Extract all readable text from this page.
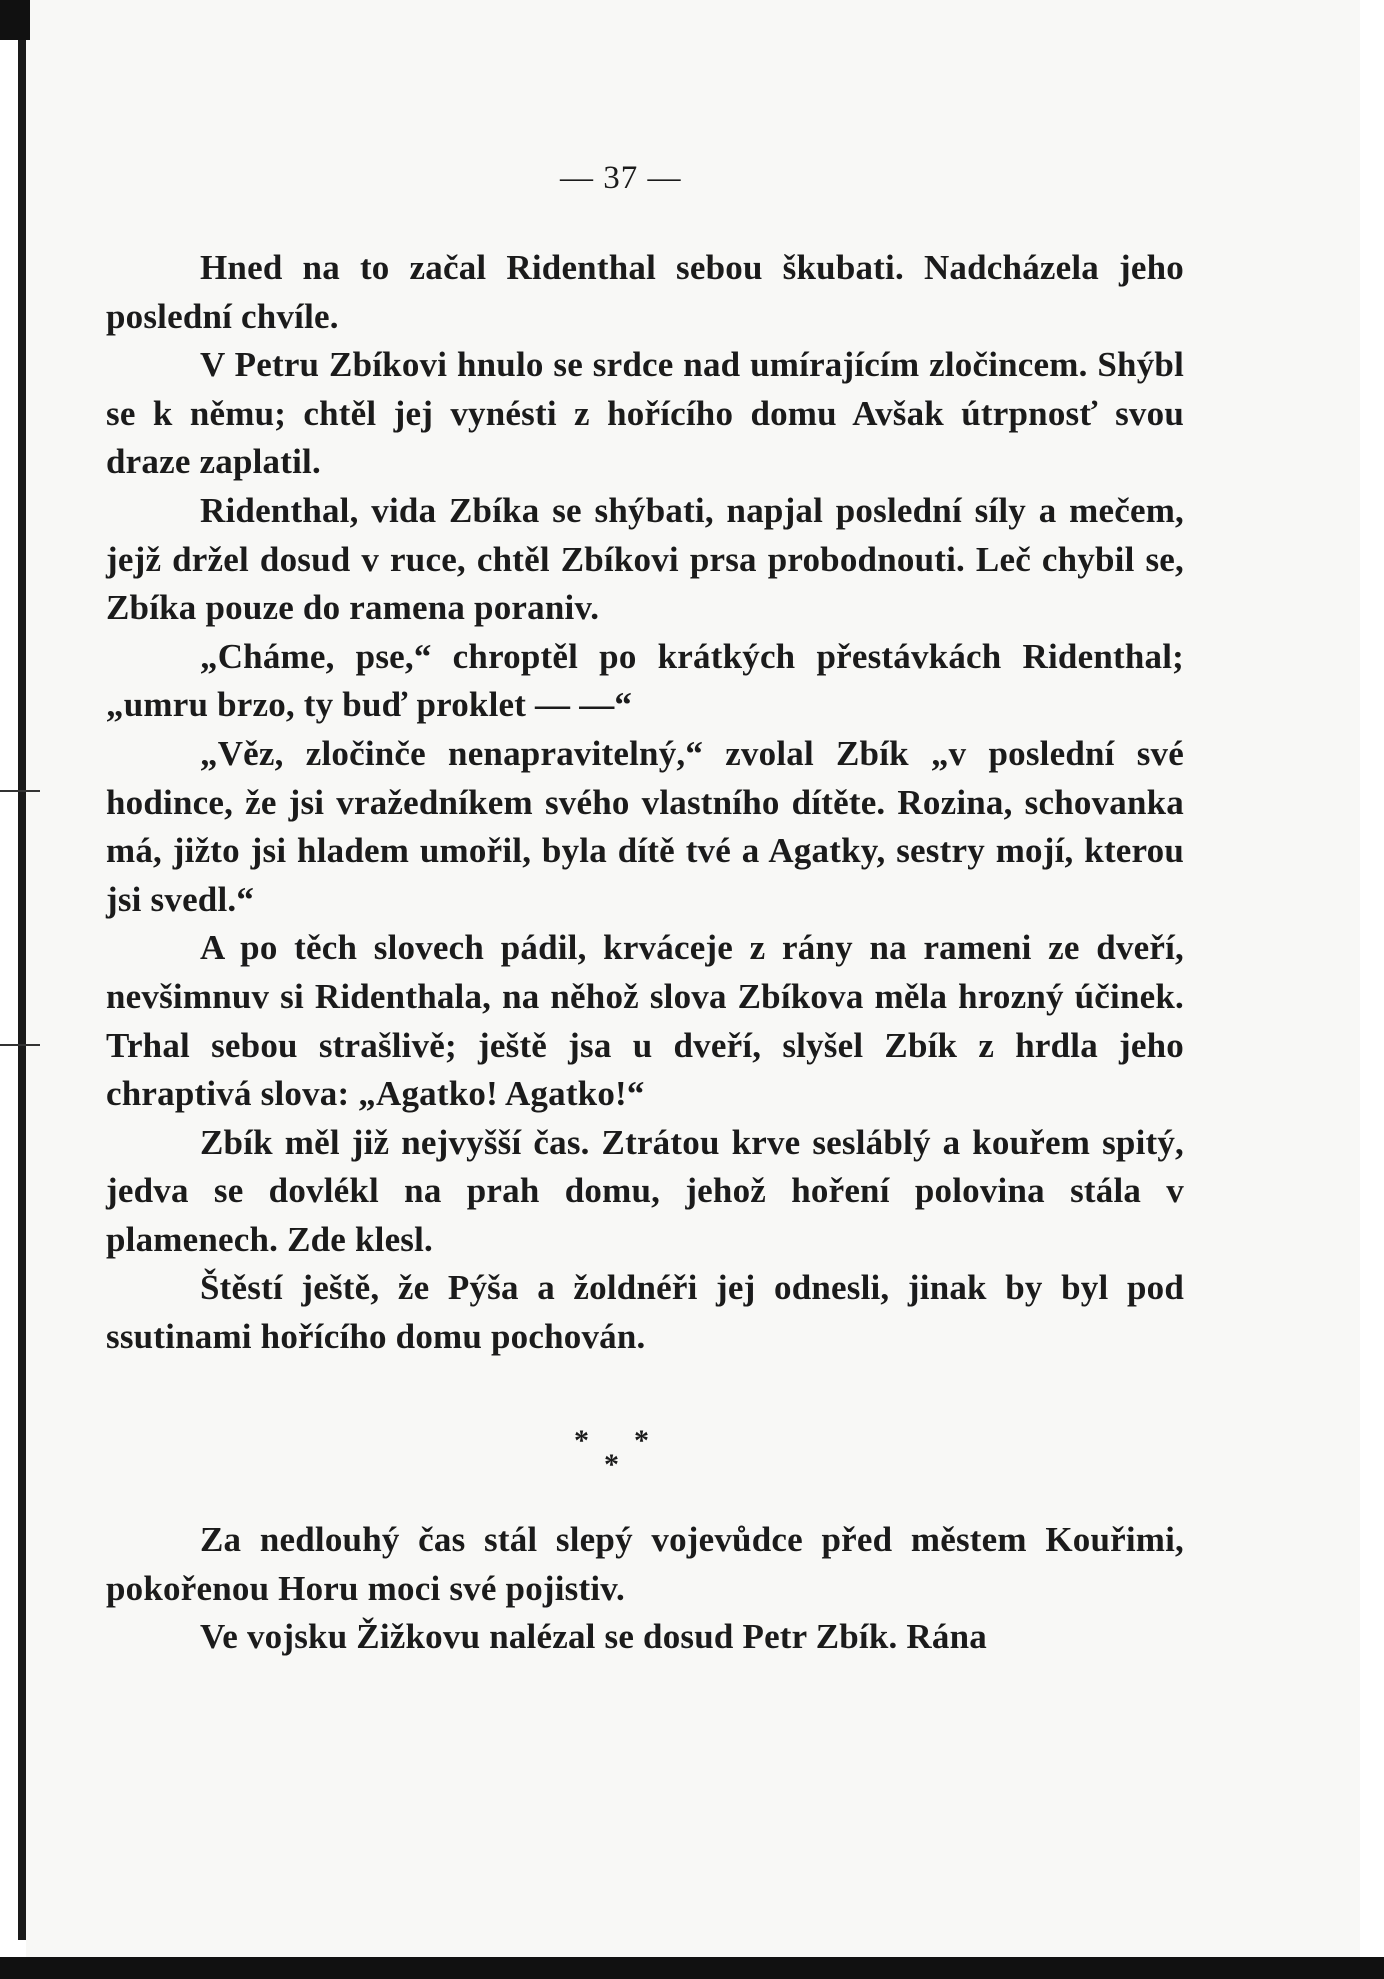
— 37 —

Hned na to začal Ridenthal sebou škubati. Nadcházela jeho poslední chvíle.

V Petru Zbíkovi hnulo se srdce nad umírajícím zločincem. Shýbl se k němu; chtěl jej vynésti z hořícího domu Avšak útrpnosť svou draze zaplatil.

Ridenthal, vida Zbíka se shýbati, napjal poslední síly a mečem, jejž držel dosud v ruce, chtěl Zbíkovi prsa probodnouti. Leč chybil se, Zbíka pouze do ramena poraniv.

„Cháme, pse,“ chroptěl po krátkých přestávkách Ridenthal; „umru brzo, ty buď proklet — —“

„Věz, zločinče nenapravitelný,“ zvolal Zbík „v poslední své hodince, že jsi vražedníkem svého vlastního dítěte. Rozina, schovanka má, jižto jsi hladem umořil, byla dítě tvé a Agatky, sestry mojí, kterou jsi svedl.“

A po těch slovech pádil, krváceje z rány na rameni ze dveří, nevšimnuv si Ridenthala, na něhož slova Zbíkova měla hrozný účinek. Trhal sebou strašlivě; ještě jsa u dveří, slyšel Zbík z hrdla jeho chraptivá slova: „Agatko! Agatko!“

Zbík měl již nejvyšší čas. Ztrátou krve sesláblý a kouřem spitý, jedva se dovlékl na prah domu, jehož hoření polovina stála v plamenech. Zde klesl.

Štěstí ještě, že Pýša a žoldnéři jej odnesli, jinak by byl pod ssutinami hořícího domu pochován.

* *
*

Za nedlouhý čas stál slepý vojevůdce před městem Kouřimi, pokořenou Horu moci své pojistiv.

Ve vojsku Žižkovu nalézal se dosud Petr Zbík. Rána
